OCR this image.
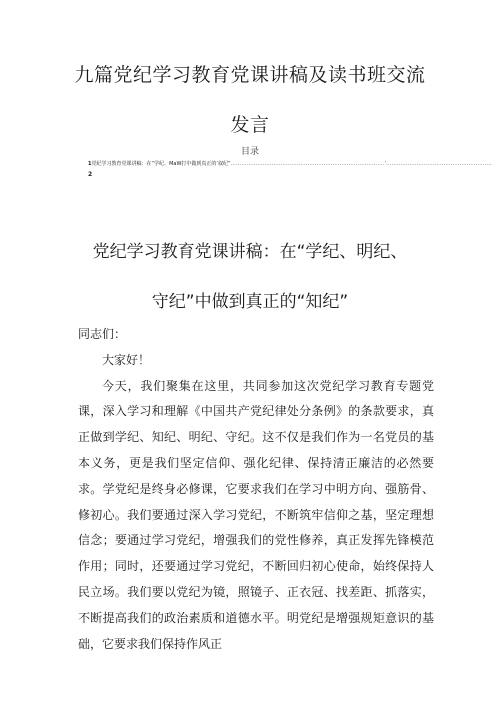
九篇党纪学习教育党课讲稿及读书班交流
发言
目录
1 党纪学习教育党课讲稿：在“学纪、MaW打中做到真正的‘叙纪” ......................................................................................’...........................................................
2
党纪学习教育党课讲稿：在“学纪、明纪、
守纪”中做到真正的“知纪”

同志们：

大家好！

今天，我们聚集在这里，共同参加这次党纪学习教育专题党课，深入学习和理解《中国共产党纪律处分条例》的条款要求，真正做到学纪、知纪、明纪、守纪。这不仅是我们作为一名党员的基本义务，更是我们坚定信仰、强化纪律、保持清正廉洁的必然要求。学党纪是终身必修课，它要求我们在学习中明方向、强筋骨、修初心。我们要通过深入学习党纪，不断筑牢信仰之基，坚定理想信念；要通过学习党纪，增强我们的党性修养，真正发挥先锋模范作用；同时，还要通过学习党纪，不断回归初心使命，始终保持人民立场。我们要以党纪为镜，照镜子、正衣冠、找差距、抓落实，不断提高我们的政治素质和道德水平。明党纪是增强规矩意识的基础，它要求我们保持作风正
